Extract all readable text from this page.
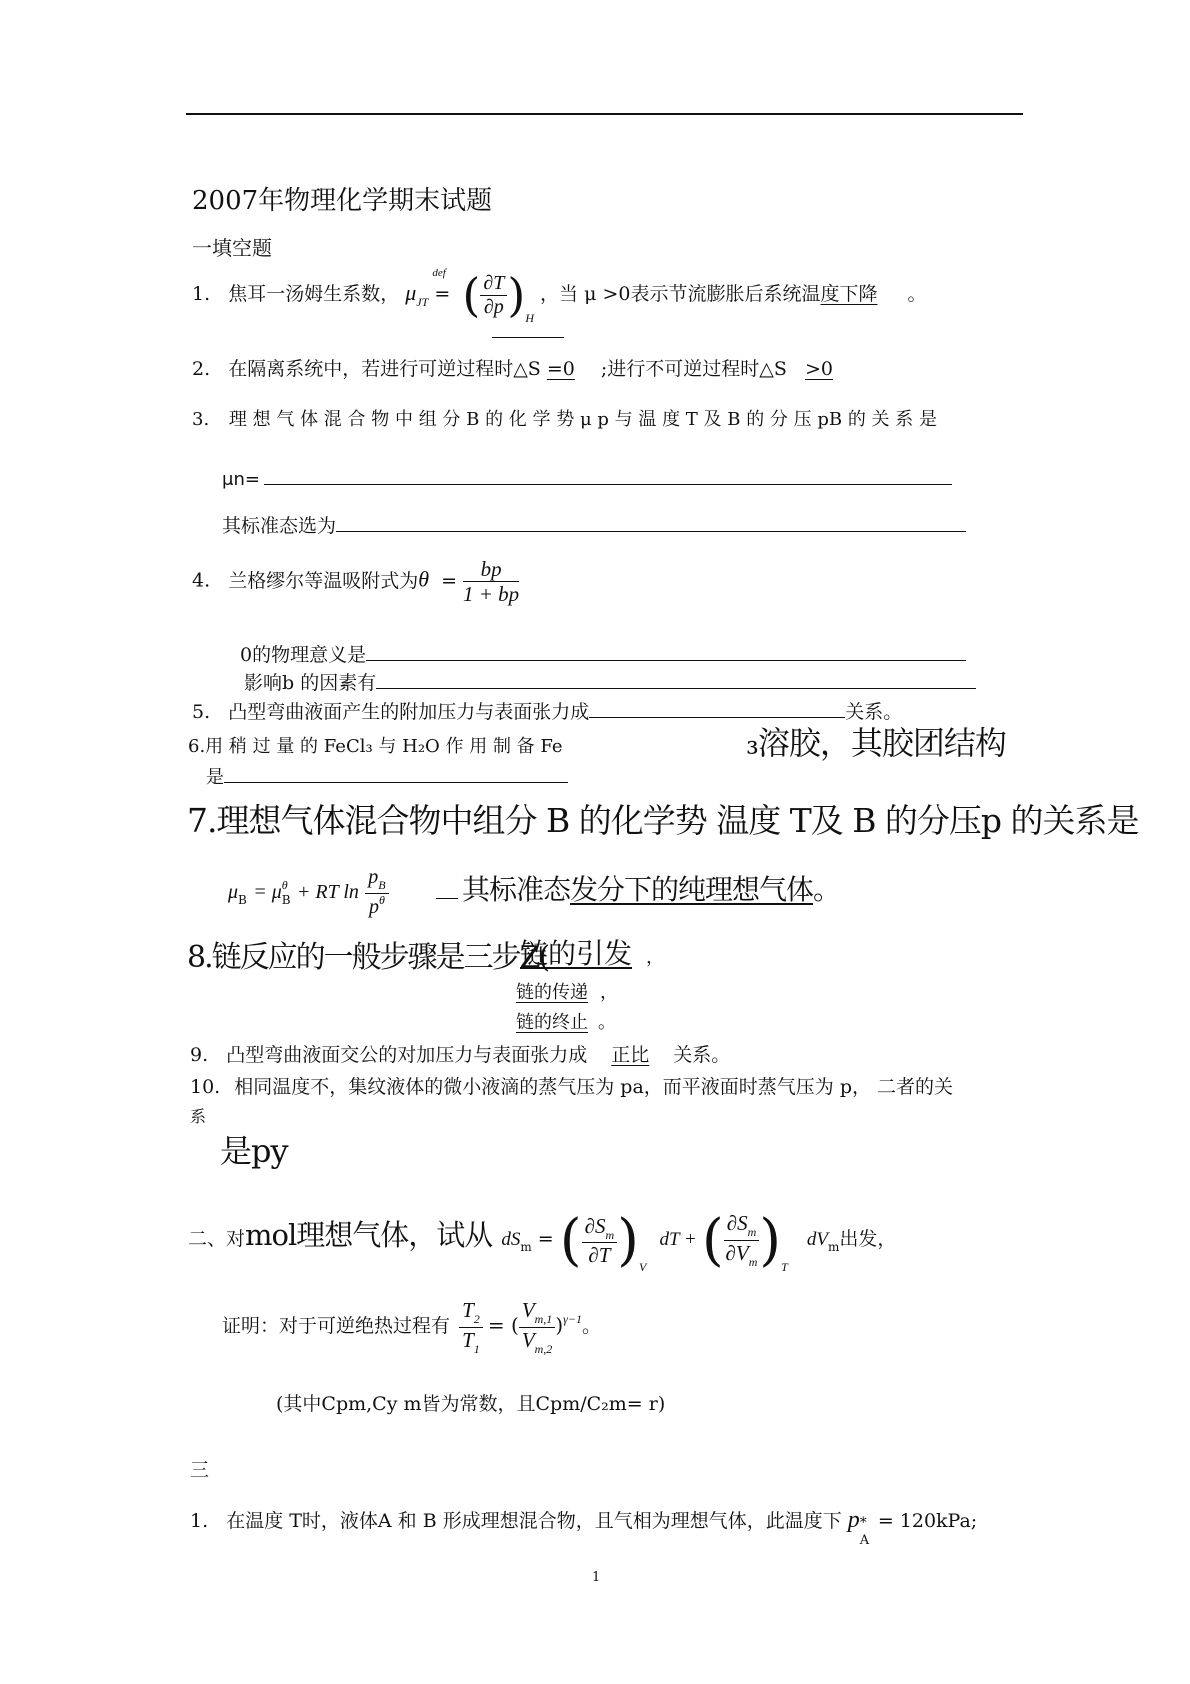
2007年物理化学期末试题
一填空题
1. 焦耳一汤姆生系数， $\mu_{JT}$
def
= ( $\frac{\partial T}{\partial p} )_H$ ，当 μ >0表示节流膨胀后系统温度下降 。
2. 在隔离系统中，若进行可逆过程时△S =0 ;进行不可逆过程时△S >0
3. 理 想 气 体 混 合 物 中 组 分 B 的 化 学 势 μ p 与 温 度 T 及 B 的 分 压 pB 的 关 系 是
μn=
其标准态选为
4. 兰格缪尔等温吸附式为$\theta = \frac{bp}{1 + bp}$
0的物理意义是
影响b 的因素有
5. 凸型弯曲液面产生的附加压力与表面张力成	关系。
6.用 稍 过 量 的 FeCl₃ 与 H₂O 作 用 制 备 Fe	₃溶胶，其胶团结构
是
7.理想气体混合物中组分 B 的化学势 温度 T及 B 的分压p 的关系是
$\mu_B = \mu^\theta_B$ + RT $\ln \frac{p_B}{p^\theta}$	其标准态发分下的纯理想气体。
8.链反应的一般步骤是三步Z(
链的引发 ，
链的传递 ，
链的终止 。
9. 凸型弯曲液面交公的对加压力与表面张力成 正比 关系。
10. 相同温度不，集纹液体的微小液滴的蒸气压为 pa，而平液面时蒸气压为 p， 二者的关
系
是py
二、对mol理想气体，试从 $dS_m$ = ( $\frac{\partial S_m}{\partial T} )_V$ dT + ( $\frac{\partial S_m}{\partial V_m} )_T$ $dV_m$出发，
证明：对于可逆绝热过程有 $\frac{T_2}{T_1}$ = ( $\frac{V_{m,1}}{V_{m,2}} )^{\gamma-1}$。
(其中Cpm,Cy m皆为常数，且Cpm/C₂m= r)
三
1. 在温度 T时，液体A 和 B 形成理想混合物，且气相为理想气体，此温度下 p *
A
= 120kPa;
1
